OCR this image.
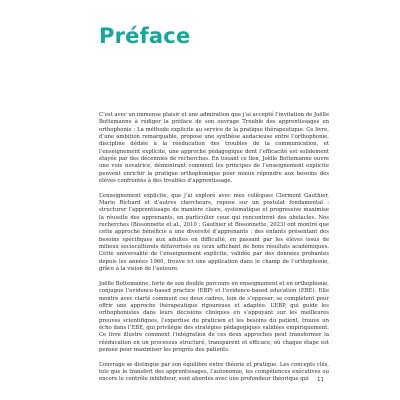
Préface

C’est avec un immense plaisir et une admiration que j’ai accepté l’invitation de Joëlle Bottemanne à rédiger la préface de son ouvrage Trouble des apprentissages en orthophonie : La méthode explicite au service de la pratique thérapeutique. Ce livre, d’une ambition remarquable, propose une synthèse audacieuse entre l’orthophonie, discipline dédiée à la rééducation des troubles de la communication, et l’enseignement explicite, une approche pédagogique dont l’efficacité est solidement étayée par des décennies de recherches. En tissant ce lien, Joëlle Bottemanne ouvre une voie novatrice, démontrant comment les principes de l’enseignement explicite peuvent enrichir la pratique orthophonique pour mieux répondre aux besoins des élèves confrontés à des troubles d’apprentissage.

L’enseignement explicite, que j’ai exploré avec mes collègues Clermont Gauthier, Mario Richard et d’autres chercheurs, repose sur un postulat fondamental : structurer l’apprentissage de manière claire, systématique et progressive maximise la réussite des apprenants, en particulier ceux qui rencontrent des obstacles. Nos recherches (Bissonnette et al., 2010 ; Gauthier et Bissonnette, 2023) ont montré que cette approche bénéficie à une diversité d’apprenants : des enfants présentant des besoins spécifiques aux adultes en difficulté, en passant par les élèves issus de milieux socioculturels défavorisés ou ceux affichant de bons résultats académiques. Cette universalité de l’enseignement explicite, validée par des données probantes depuis les années 1960, trouve ici une application dans le champ de l’orthophonie, grâce à la vision de l’auteure.

Joëlle Bottemanne, forte de son double parcours en enseignement et en orthophonie, conjugue l’evidence-based practice (EBP) et l’evidence-based education (EBE). Elle montre avec clarté comment ces deux cadres, loin de s’opposer, se complètent pour offrir une approche thérapeutique rigoureuse et adaptée. L’EBP, qui guide les orthophonistes dans leurs décisions cliniques en s’appuyant sur les meilleures preuves scientifiques, l’expertise du praticien et les besoins du patient, trouve un écho dans l’EBE, qui privilégie des stratégies pédagogiques validées empiriquement. Ce livre illustre comment l’intégration de ces deux approches peut transformer la rééducation en un processus structuré, transparent et efficace, où chaque étape est pensée pour maximiser les progrès des patients.

L’ouvrage se distingue par son équilibre entre théorie et pratique. Les concepts clés, tels que le transfert des apprentissages, l’autonomie, les compétences exécutives ou encore le contrôle inhibiteur, sont abordés avec une profondeur théorique qui	11
